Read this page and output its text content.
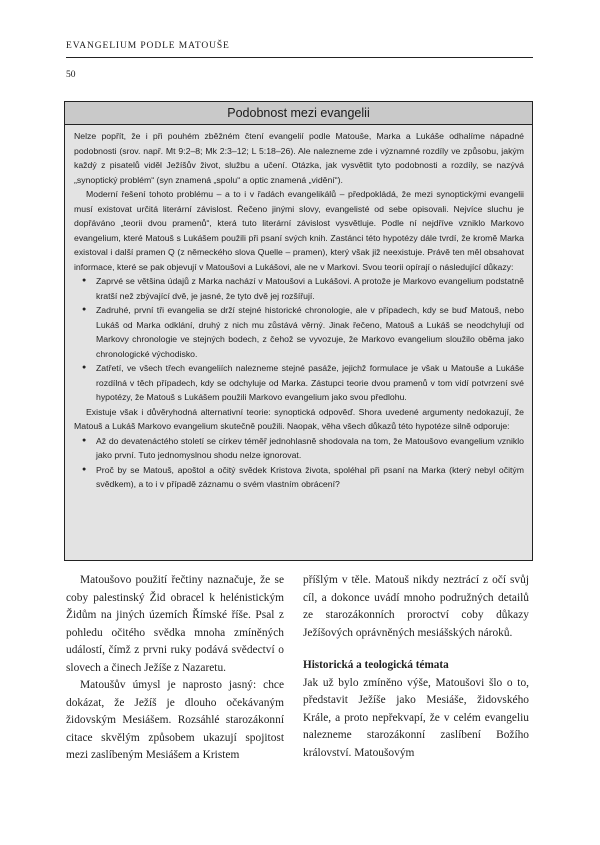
EVANGELIUM PODLE MATOUŠE
50
Podobnost mezi evangelii

Nelze popřít, že i při pouhém zběžném čtení evangelií podle Matouše, Marka a Lukáše odhalíme nápadné podobnosti (srov. např. Mt 9:2–8; Mk 2:3–12; L 5:18–26). Ale nalezneme zde i významné rozdíly ve způsobu, jakým každý z pisatelů viděl Ježíšův život, službu a učení. Otázka, jak vysvětlit tyto podobnosti a rozdíly, se nazývá „synoptický problém“ (syn znamená „spolu“ a optic znamená „vidění“).

Moderní řešení tohoto problému – a to i v řadách evangelikálů – předpokládá, že mezi synoptickými evangelii musí existovat určitá literární závislost. Řečeno jinými slovy, evangelisté od sebe opisovali. Nejvíce sluchu je dopřáváno „teorii dvou pramenů“, která tuto literární závislost vysvětluje. Podle ní nejdříve vzniklo Markovo evangelium, které Matouš s Lukášem použili při psaní svých knih. Zastánci této hypotézy dále tvrdí, že kromě Marka existoval i další pramen Q (z německého slova Quelle – pramen), který však již neexistuje. Právě ten měl obsahovat informace, které se pak objevují v Matoušovi a Lukášovi, ale ne v Markovi. Svou teorii opírají o následující důkazy:

● Zaprvé se většina údajů z Marka nachází v Matoušovi a Lukášovi. A protože je Markovo evangelium podstatně kratší než zbývající dvě, je jasné, že tyto dvě jej rozšířují.
● Zadruhé, první tři evangelia se drží stejné historické chronologie, ale v případech, kdy se buď Matouš, nebo Lukáš od Marka odklání, druhý z nich mu zůstává věrný. Jinak řečeno, Matouš a Lukáš se neodchylují od Markovy chronologie ve stejných bodech, z čehož se vyvozuje, že Markovo evangelium sloužilo oběma jako chronologické východisko.
● Zatřetí, ve všech třech evangeliích nalezneme stejné pasáže, jejichž formulace je však u Matouše a Lukáše rozdílná v těch případech, kdy se odchyluje od Marka. Zástupci teorie dvou pramenů v tom vidí potvrzení své hypotézy, že Matouš s Lukášem použili Markovo evangelium jako svou předlohu.

Existuje však i důvěryhodná alternativní teorie: synoptická odpověď. Shora uvedené argumenty nedokazují, že Matouš a Lukáš Markovo evangelium skutečně použili. Naopak, věha všech důkazů této hypotéze silně odporuje:

● Až do devatenáctého století se církev téměř jednohlasně shodovala na tom, že Matoušovo evangelium vzniklo jako první. Tuto jednomyslnou shodu nelze ignorovat.
● Proč by se Matouš, apoštol a očitý svědek Kristova života, spoléhal při psaní na Marka (který nebyl očitým svědkem), a to i v případě záznamu o svém vlastním obrácení?

Matoušovo použití řečtiny naznačuje, že se coby palestinský Žid obracel k helénistickým Židům na jiných územích Římské říše. Psal z pohledu očitého svědka mnoha zmíněných událostí, čímž z prvni ruky podává svědectví o slovech a činech Ježíše z Nazaretu.

Matoušův úmysl je naprosto jasný: chce dokázat, že Ježíš je dlouho očekávaným židovským Mesiášem. Rozsáhlé starozákonní citace skvělým způsobem ukazují spojitost mezi zaslíbeným Mesiášem a Kristem

příšlým v těle. Matouš nikdy neztrácí z očí svůj cíl, a dokonce uvádí mnoho podružných detailů ze starozákonních proroctví coby důkazy Ježíšových oprávněných mesiášských nároků.

Historická a teologická témata

Jak už bylo zmíněno výše, Matoušovi šlo o to, představit Ježíše jako Mesiáše, židovského Krále, a proto nepřekvapí, že v celém evangeliu nalezneme starozákonní zaslíbení Božího království. Matoušovým
